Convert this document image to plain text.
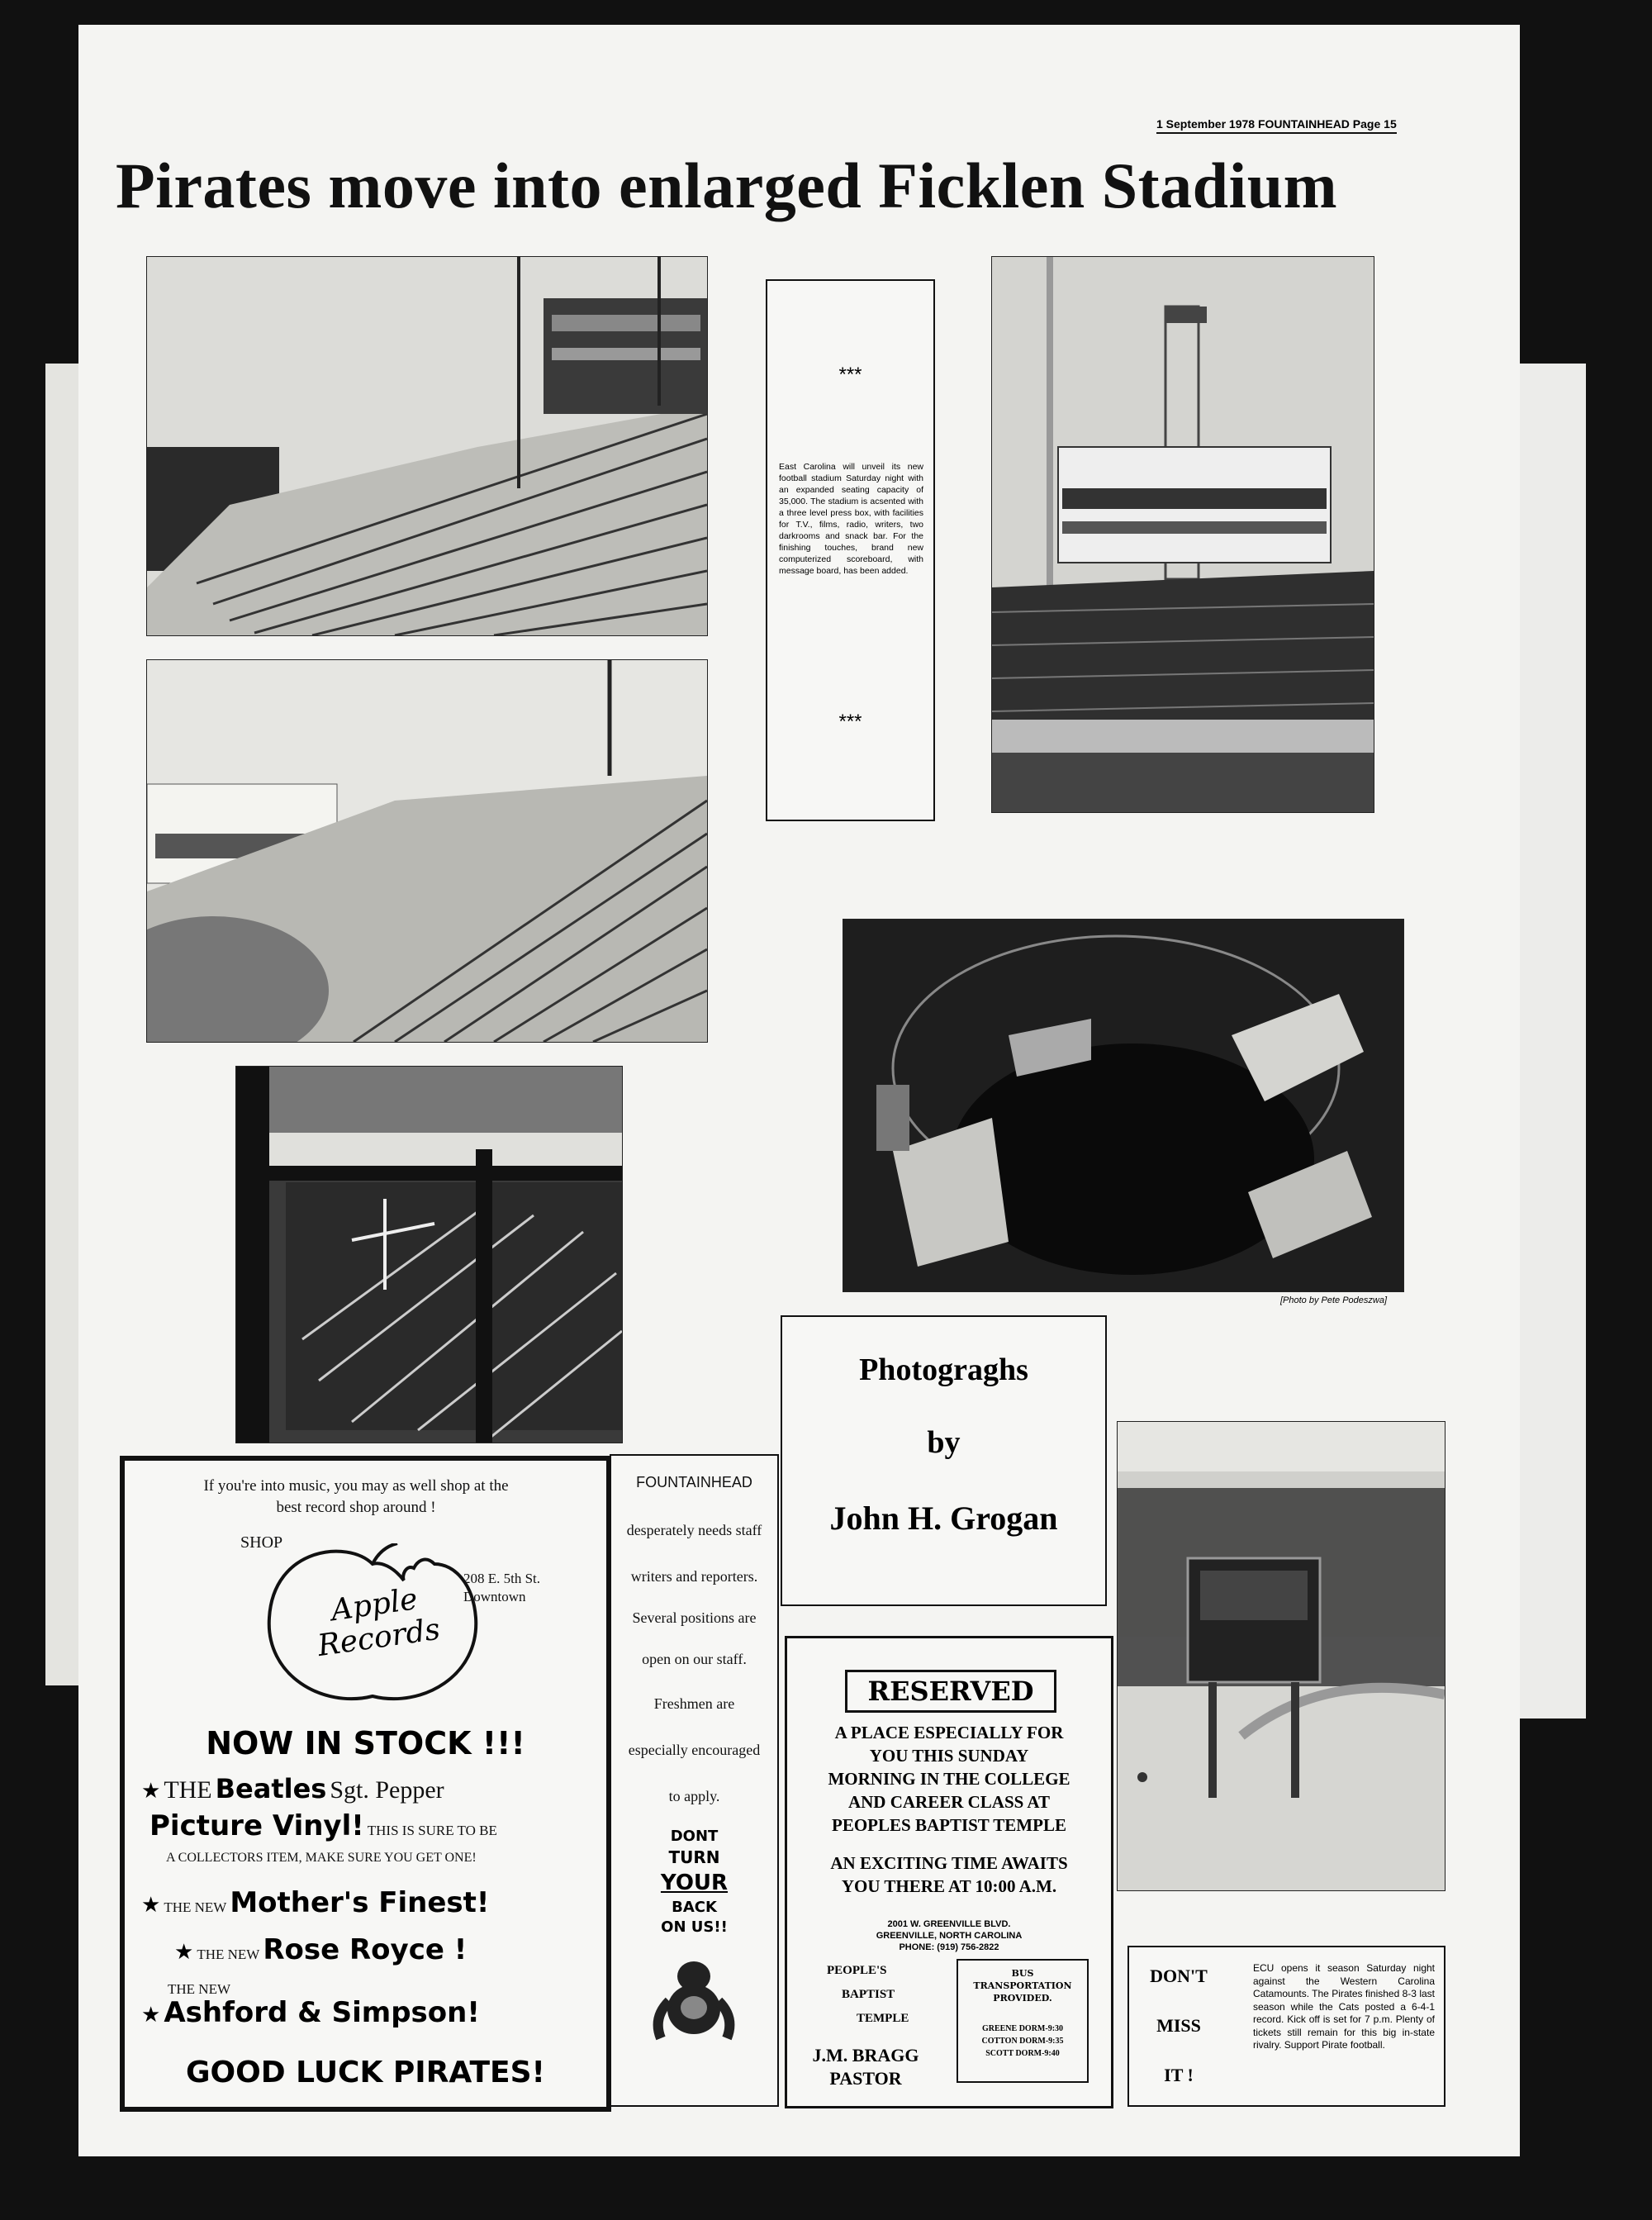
1 September 1978 FOUNTAINHEAD Page 15
Pirates move into enlarged Ficklen Stadium
***
East Carolina will unveil its new football stadium Saturday night with an expanded seating capacity of 35,000. The stadium is acsented with a three level press box, with facilities for T.V., films, radio, writers, two darkrooms and snack bar. For the finishing touches, brand new computerized scoreboard, with message board, has been added.
***
[Photo by Pete Podeszwa]
Photograghs
by
John H. Grogan
If you're into music, you may as well shop at the best record shop around !
SHOP
Apple Records
208 E. 5th St. Downtown
NOW IN STOCK !!!
★ THE Beatles Sgt. Pepper
Picture Vinyl! THIS IS SURE TO BE
A COLLECTORS ITEM, MAKE SURE YOU GET ONE!
★ THE NEW Mother's Finest!
★ THE NEW Rose Royce !
THE NEW
★ Ashford & Simpson!
GOOD LUCK PIRATES!
FOUNTAINHEAD
desperately needs staff
writers and reporters.
Several positions are
open on our staff.
Freshmen are
especially encouraged
to apply.
DONT
TURN
YOUR
BACK
ON US!!
RESERVED
A PLACE ESPECIALLY FOR
YOU THIS SUNDAY
MORNING IN THE COLLEGE
AND CAREER CLASS AT
PEOPLES BAPTIST TEMPLE
AN EXCITING TIME AWAITS
YOU THERE AT 10:00 A.M.
2001 W. GREENVILLE BLVD.
GREENVILLE, NORTH CAROLINA
PHONE: (919) 756-2822
PEOPLE'S
BAPTIST
TEMPLE
J.M. BRAGG
PASTOR
BUS TRANSPORTATION PROVIDED.
GREENE DORM-9:30
COTTON DORM-9:35
SCOTT DORM-9:40
DON'T
MISS
IT !
ECU opens it season Saturday night against the Western Carolina Catamounts. The Pirates finished 8-3 last season while the Cats posted a 6-4-1 record. Kick off is set for 7 p.m. Plenty of tickets still remain for this big in-state rivalry. Support Pirate football.
